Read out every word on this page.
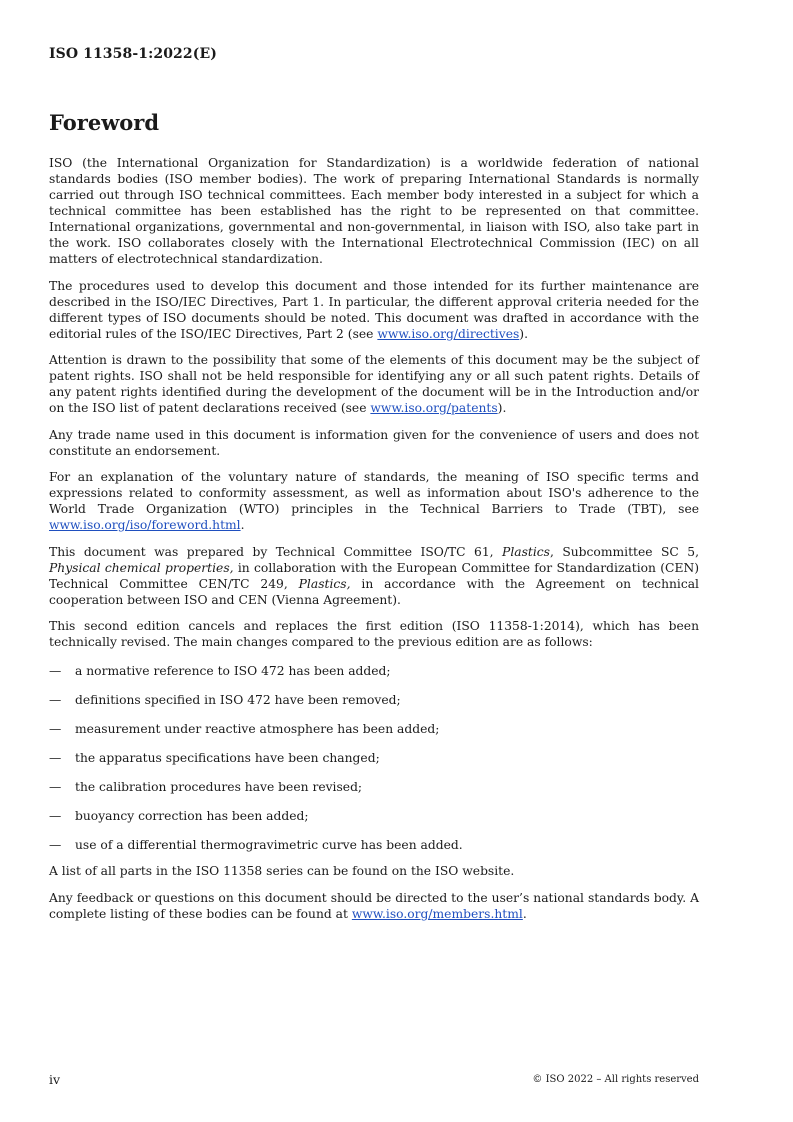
ISO 11358-1:2022(E)
Foreword

ISO (the International Organization for Standardization) is a worldwide federation of national standards bodies (ISO member bodies). The work of preparing International Standards is normally carried out through ISO technical committees. Each member body interested in a subject for which a technical committee has been established has the right to be represented on that committee. International organizations, governmental and non-governmental, in liaison with ISO, also take part in the work. ISO collaborates closely with the International Electrotechnical Commission (IEC) on all matters of electrotechnical standardization.

The procedures used to develop this document and those intended for its further maintenance are described in the ISO/IEC Directives, Part 1. In particular, the different approval criteria needed for the different types of ISO documents should be noted. This document was drafted in accordance with the editorial rules of the ISO/IEC Directives, Part 2 (see www.iso.org/directives).

Attention is drawn to the possibility that some of the elements of this document may be the subject of patent rights. ISO shall not be held responsible for identifying any or all such patent rights. Details of any patent rights identified during the development of the document will be in the Introduction and/or on the ISO list of patent declarations received (see www.iso.org/patents).

Any trade name used in this document is information given for the convenience of users and does not constitute an endorsement.

For an explanation of the voluntary nature of standards, the meaning of ISO specific terms and expressions related to conformity assessment, as well as information about ISO's adherence to the World Trade Organization (WTO) principles in the Technical Barriers to Trade (TBT), see www.iso.org/iso/foreword.html.

This document was prepared by Technical Committee ISO/TC 61, Plastics, Subcommittee SC 5, Physical chemical properties, in collaboration with the European Committee for Standardization (CEN) Technical Committee CEN/TC 249, Plastics, in accordance with the Agreement on technical cooperation between ISO and CEN (Vienna Agreement).

This second edition cancels and replaces the first edition (ISO 11358-1:2014), which has been technically revised. The main changes compared to the previous edition are as follows:

— a normative reference to ISO 472 has been added;
— definitions specified in ISO 472 have been removed;
— measurement under reactive atmosphere has been added;
— the apparatus specifications have been changed;
— the calibration procedures have been revised;
— buoyancy correction has been added;
— use of a differential thermogravimetric curve has been added.

A list of all parts in the ISO 11358 series can be found on the ISO website.

Any feedback or questions on this document should be directed to the user’s national standards body. A complete listing of these bodies can be found at www.iso.org/members.html.

iv	© ISO 2022 – All rights reserved
